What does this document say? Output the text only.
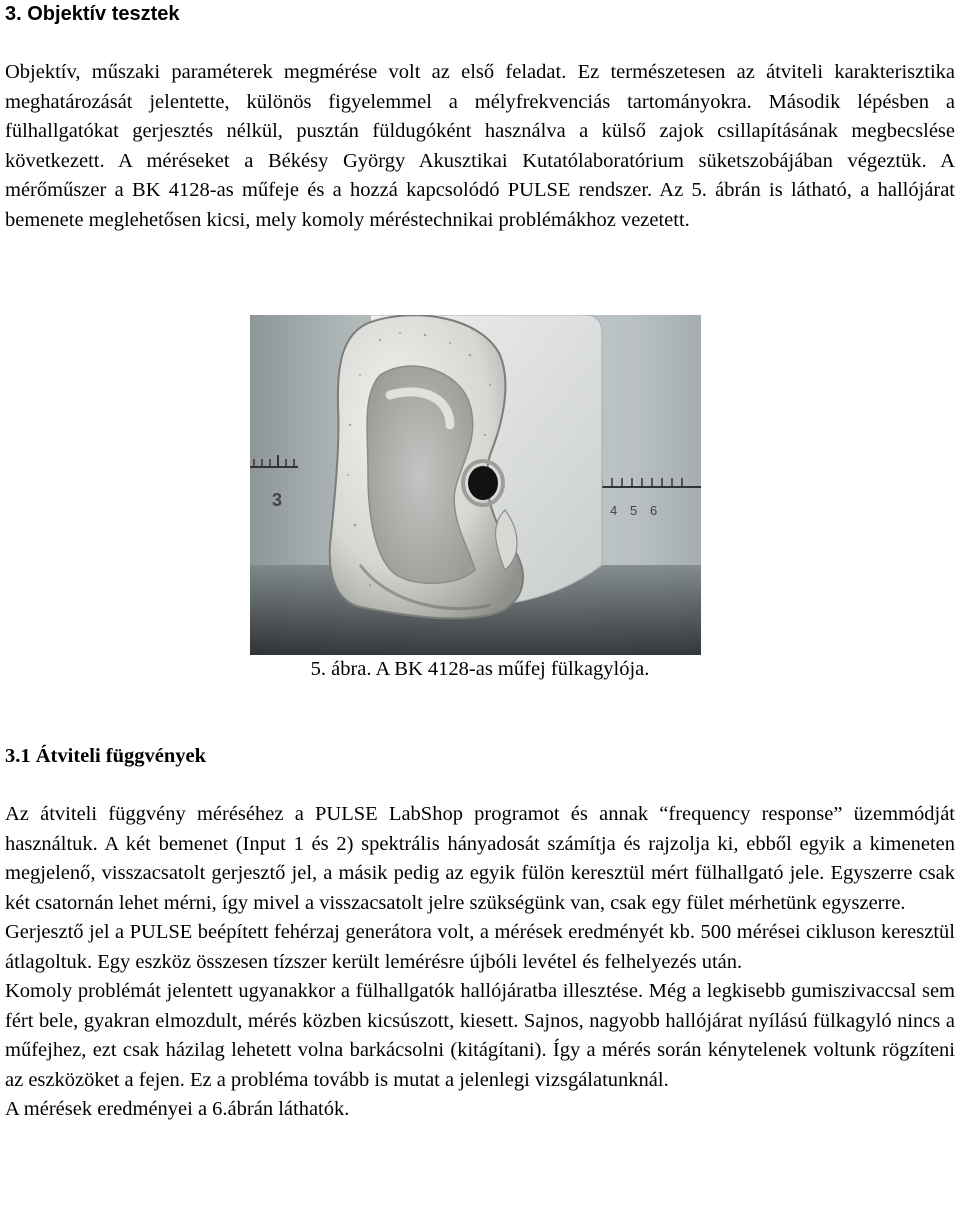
3. Objektív tesztek

Objektív, műszaki paraméterek megmérése volt az első feladat. Ez természetesen az átviteli karakterisztika meghatározását jelentette, különös figyelemmel a mélyfrekvenciás tartományokra. Második lépésben a fülhallgatókat gerjesztés nélkül, pusztán füldugóként használva a külső zajok csillapításának megbecslése következett. A méréseket a Békésy György Akusztikai Kutatólaboratórium süketszobájában végeztük. A mérőműszer a BK 4128-as műfeje és a hozzá kapcsolódó PULSE rendszer. Az 5. ábrán is látható, a hallójárat bemenete meglehetősen kicsi, mely komoly méréstechnikai problémákhoz vezetett.

3
4 5 6
5. ábra. A BK 4128-as műfej fülkagylója.
3.1 Átviteli függvények

Az átviteli függvény méréséhez a PULSE LabShop programot és annak “frequency response” üzemmódját használtuk. A két bemenet (Input 1 és 2) spektrális hányadosát számítja és rajzolja ki, ebből egyik a kimeneten megjelenő, visszacsatolt gerjesztő jel, a másik pedig az egyik fülön keresztül mért fülhallgató jele. Egyszerre csak két csatornán lehet mérni, így mivel a visszacsatolt jelre szükségünk van, csak egy fület mérhetünk egyszerre.

Gerjesztő jel a PULSE beépített fehérzaj generátora volt, a mérések eredményét kb. 500 mérései cikluson keresztül átlagoltuk. Egy eszköz összesen tízszer került lemérésre újbóli levétel és felhelyezés után.

Komoly problémát jelentett ugyanakkor a fülhallgatók hallójáratba illesztése. Még a legkisebb gumiszivaccsal sem fért bele, gyakran elmozdult, mérés közben kicsúszott, kiesett. Sajnos, nagyobb hallójárat nyílású fülkagyló nincs a műfejhez, ezt csak házilag lehetett volna barkácsolni (kitágítani). Így a mérés során kénytelenek voltunk rögzíteni az eszközöket a fejen. Ez a probléma tovább is mutat a jelenlegi vizsgálatunknál.

A mérések eredményei a 6.ábrán láthatók.
